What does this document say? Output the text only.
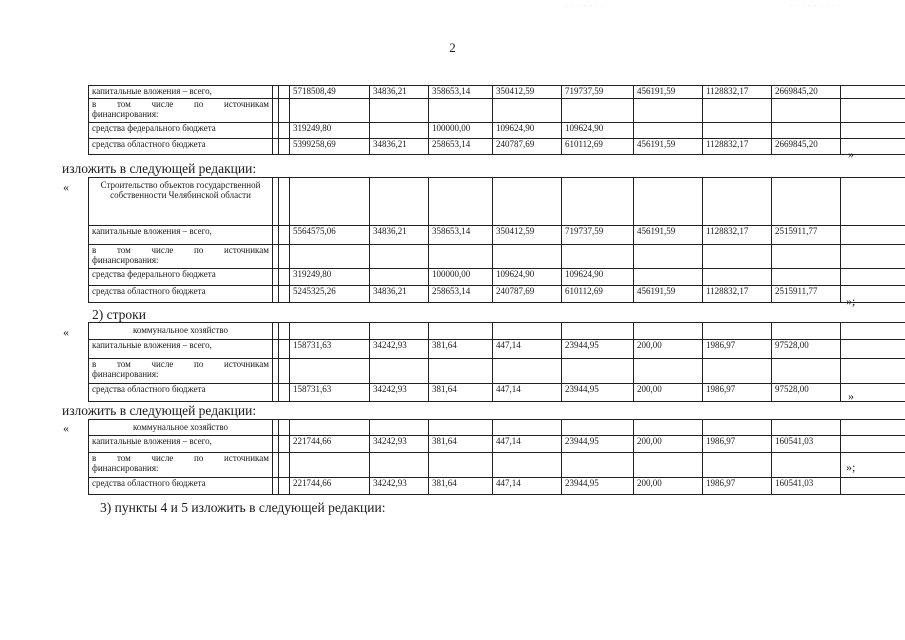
· · · · · · ·	· · · · · · · · ·
2
капитальные вложения – всего,			5718508,49	34836,21	358653,14	350412,59	719737,59	456191,59	1128832,17	2669845,20	

в том числе по источникам
финансирования:											

средства федерального бюджета			319249,80		100000,00	109624,90	109624,90				
средства областного бюджета			5399258,69	34836,21	258653,14	240787,69	610112,69	456191,59	1128832,17	2669845,20	
»
изложить в следующей редакции:
«	Строительство объектов государственной собственности Челябинской области											
капитальные вложения – всего,			5564575,06	34836,21	358653,14	350412,59	719737,59	456191,59	1128832,17	2515911,77	

в том числе по источникам
финансирования:											

средства федерального бюджета			319249,80		100000,00	109624,90	109624,90				
средства областного бюджета			5245325,26	34836,21	258653,14	240787,69	610112,69	456191,59	1128832,17	2515911,77	
»;
2) строки
«	коммунальное хозяйство											
капитальные вложения – всего,			158731,63	34242,93	381,64	447,14	23944,95	200,00	1986,97	97528,00	

в том числе по источникам
финансирования:											

средства областного бюджета			158731,63	34242,93	381,64	447,14	23944,95	200,00	1986,97	97528,00		»
изложить в следующей редакции:
«	коммунальное хозяйство											
капитальные вложения – всего,			221744,66	34242,93	381,64	447,14	23944,95	200,00	1986,97	160541,03	

в том числе по источникам
финансирования:											

средства областного бюджета			221744,66	34242,93	381,64	447,14	23944,95	200,00	1986,97	160541,03	
»;
3) пункты 4 и 5 изложить в следующей редакции:
